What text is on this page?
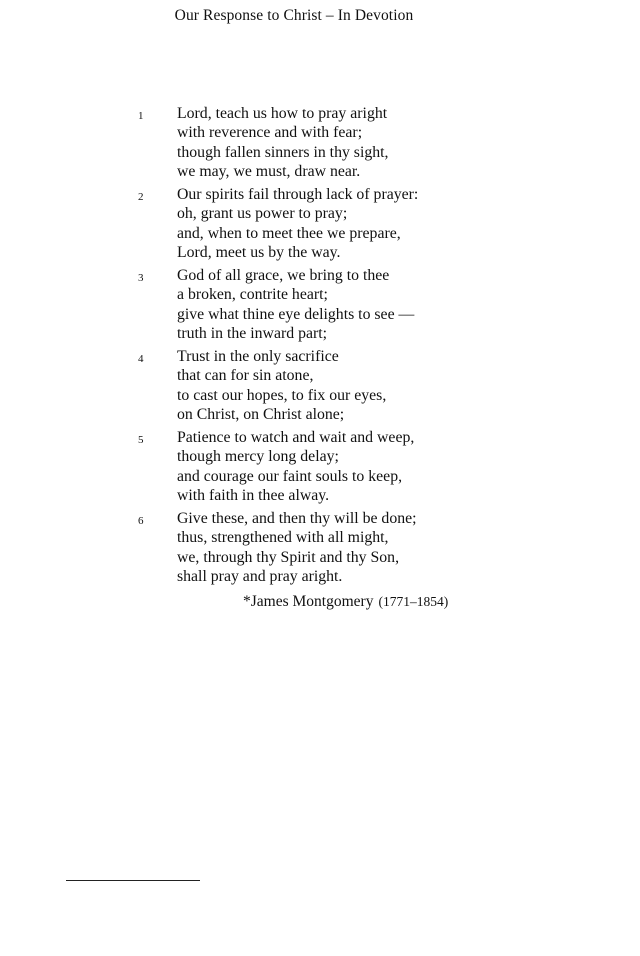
Our Response to Christ – In Devotion
1 Lord, teach us how to pray aright
with reverence and with fear;
though fallen sinners in thy sight,
we may, we must, draw near.
2 Our spirits fail through lack of prayer:
oh, grant us power to pray;
and, when to meet thee we prepare,
Lord, meet us by the way.
3 God of all grace, we bring to thee
a broken, contrite heart;
give what thine eye delights to see —
truth in the inward part;
4 Trust in the only sacrifice
that can for sin atone,
to cast our hopes, to fix our eyes,
on Christ, on Christ alone;
5 Patience to watch and wait and weep,
though mercy long delay;
and courage our faint souls to keep,
with faith in thee alway.
6 Give these, and then thy will be done;
thus, strengthened with all might,
we, through thy Spirit and thy Son,
shall pray and pray aright.
*James Montgomery (1771–1854)
